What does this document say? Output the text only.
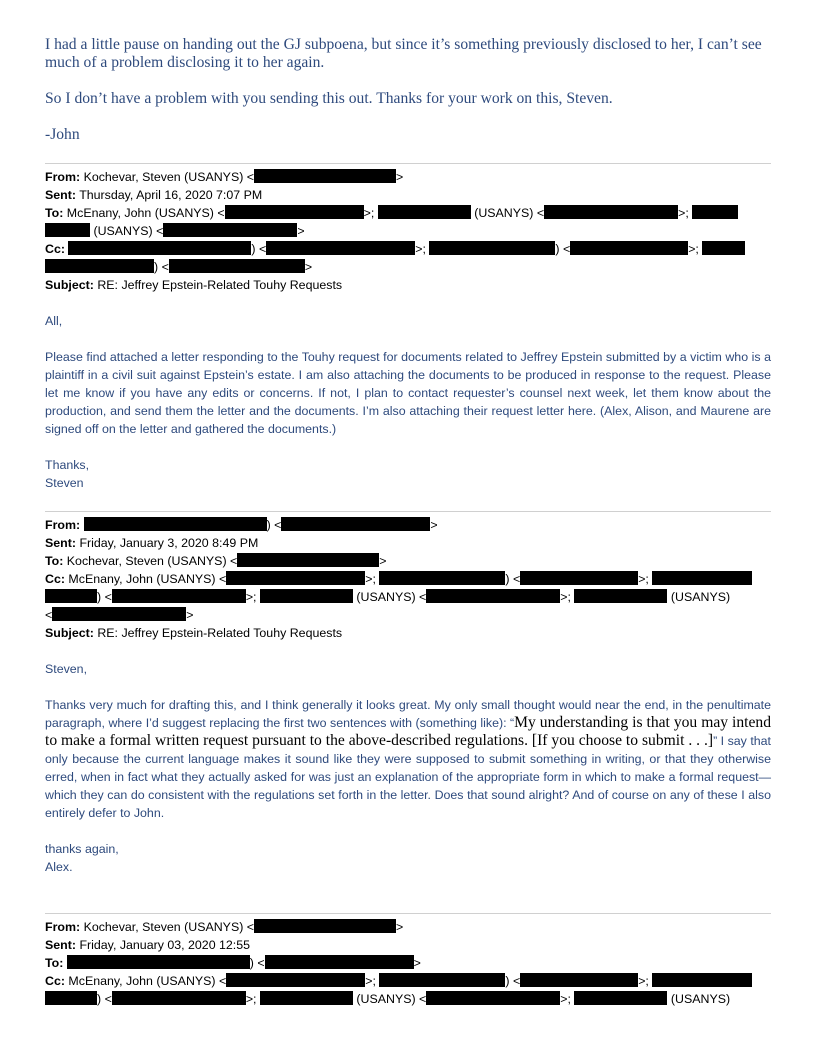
I had a little pause on handing out the GJ subpoena, but since it’s something previously disclosed to her, I can’t see much of a problem disclosing it to her again.

So I don’t have a problem with you sending this out. Thanks for your work on this, Steven.

-John

From: Kochevar, Steven (USANYS) <	>
Sent: Thursday, April 16, 2020 7:07 PM
To: McEnany, John (USANYS) <	>;	(USANYS) <	>;
(USANYS) <	>
Cc:	) <	>;	) <	>;
) <	>
Subject: RE: Jeffrey Epstein-Related Touhy Requests

All,

Please find attached a letter responding to the Touhy request for documents related to Jeffrey Epstein submitted by a victim who is a plaintiff in a civil suit against Epstein’s estate. I am also attaching the documents to be produced in response to the request. Please let me know if you have any edits or concerns. If not, I plan to contact requester’s counsel next week, let them know about the production, and send them the letter and the documents. I’m also attaching their request letter here. (Alex, Alison, and Maurene are signed off on the letter and gathered the documents.)

Thanks,

Steven

From:	) <	>
Sent: Friday, January 3, 2020 8:49 PM
To: Kochevar, Steven (USANYS) <	>
Cc: McEnany, John (USANYS) <	>;	) <	>;
) <	>;	(USANYS) <	>;	(USANYS)
<	>
Subject: RE: Jeffrey Epstein-Related Touhy Requests

Steven,

Thanks very much for drafting this, and I think generally it looks great. My only small thought would near the end, in the penultimate paragraph, where I’d suggest replacing the first two sentences with (something like): “My understanding is that you may intend to make a formal written request pursuant to the above-described regulations. [If you choose to submit . . .]” I say that only because the current language makes it sound like they were supposed to submit something in writing, or that they otherwise erred, when in fact what they actually asked for was just an explanation of the appropriate form in which to make a formal request—which they can do consistent with the regulations set forth in the letter. Does that sound alright? And of course on any of these I also entirely defer to John.

thanks again,

Alex.

From: Kochevar, Steven (USANYS) <	>
Sent: Friday, January 03, 2020 12:55
To:	) <	>
Cc: McEnany, John (USANYS) <	>;	) <	>;
) <	>;	(USANYS) <	>;	(USANYS)
